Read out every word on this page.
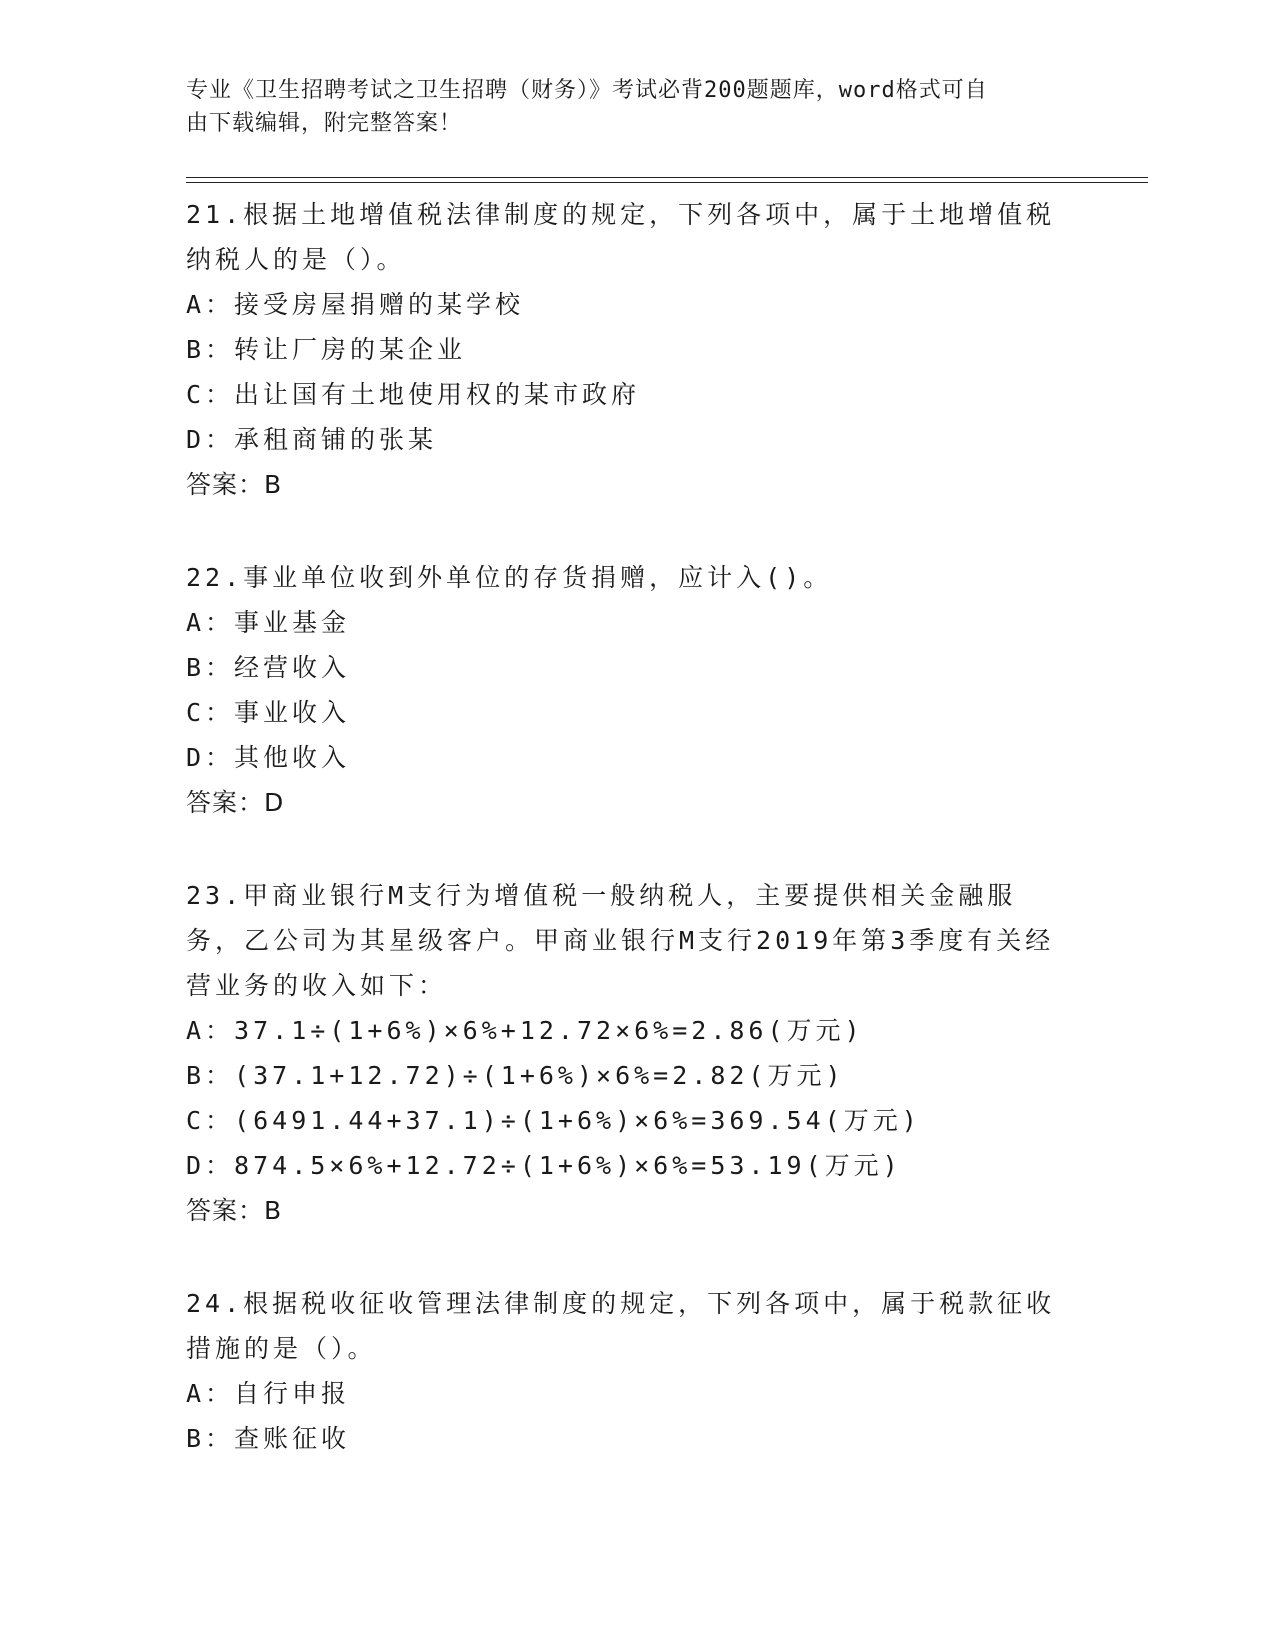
专业《卫生招聘考试之卫生招聘（财务）》考试必背200题题库，word格式可自
由下载编辑，附完整答案！

21.根据土地增值税法律制度的规定，下列各项中，属于土地增值税纳税人的是（）。

A：接受房屋捐赠的某学校

B：转让厂房的某企业

C：出让国有土地使用权的某市政府

D：承租商铺的张某

答案：B

22.事业单位收到外单位的存货捐赠，应计入()。

A：事业基金

B：经营收入

C：事业收入

D：其他收入

答案：D

23.甲商业银行M支行为增值税一般纳税人，主要提供相关金融服务，乙公司为其星级客户。甲商业银行M支行2019年第3季度有关经营业务的收入如下：

A：37.1÷(1+6%)×6%+12.72×6%=2.86(万元)

B：(37.1+12.72)÷(1+6%)×6%=2.82(万元)

C：(6491.44+37.1)÷(1+6%)×6%=369.54(万元)

D：874.5×6%+12.72÷(1+6%)×6%=53.19(万元)

答案：B

24.根据税收征收管理法律制度的规定，下列各项中，属于税款征收措施的是（）。

A：自行申报

B：查账征收
